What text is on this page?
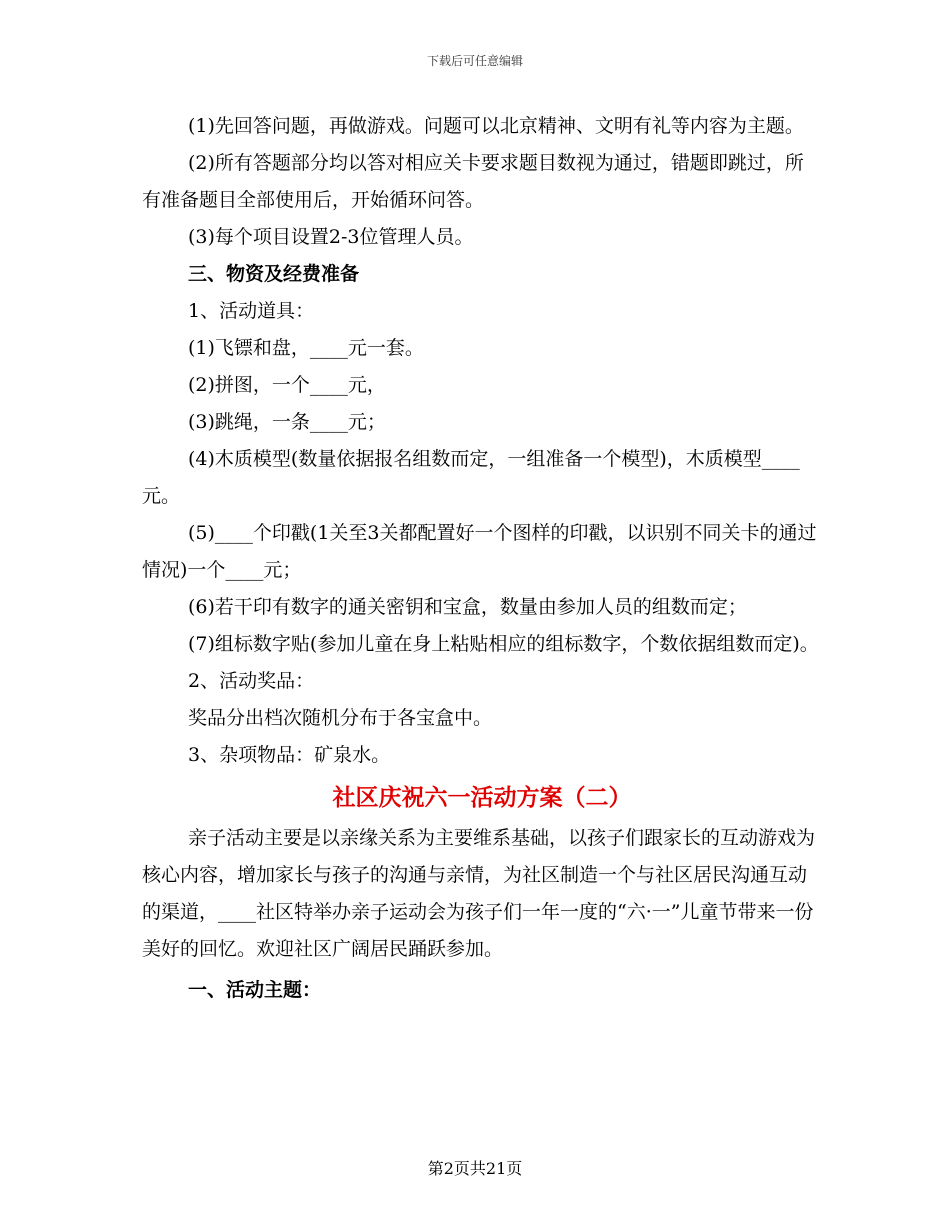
下载后可任意编辑

(1)先回答问题，再做游戏。问题可以北京精神、文明有礼等内容为主题。

(2)所有答题部分均以答对相应关卡要求题目数视为通过，错题即跳过，所有准备题目全部使用后，开始循环问答。

(3)每个项目设置2-3位管理人员。

三、物资及经费准备

1、活动道具：

(1)飞镖和盘，____元一套。

(2)拼图，一个____元，

(3)跳绳，一条____元；

(4)木质模型(数量依据报名组数而定，一组准备一个模型)，木质模型____元。

(5)____个印戳(1关至3关都配置好一个图样的印戳，以识别不同关卡的通过情况)一个____元；

(6)若干印有数字的通关密钥和宝盒，数量由参加人员的组数而定；

(7)组标数字贴(参加儿童在身上粘贴相应的组标数字，个数依据组数而定)。

2、活动奖品：

奖品分出档次随机分布于各宝盒中。

3、杂项物品：矿泉水。

社区庆祝六一活动方案（二）

亲子活动主要是以亲缘关系为主要维系基础，以孩子们跟家长的互动游戏为核心内容，增加家长与孩子的沟通与亲情，为社区制造一个与社区居民沟通互动的渠道，____社区特举办亲子运动会为孩子们一年一度的“六·一”儿童节带来一份美好的回忆。欢迎社区广阔居民踊跃参加。

一、活动主题：

第2页共21页
